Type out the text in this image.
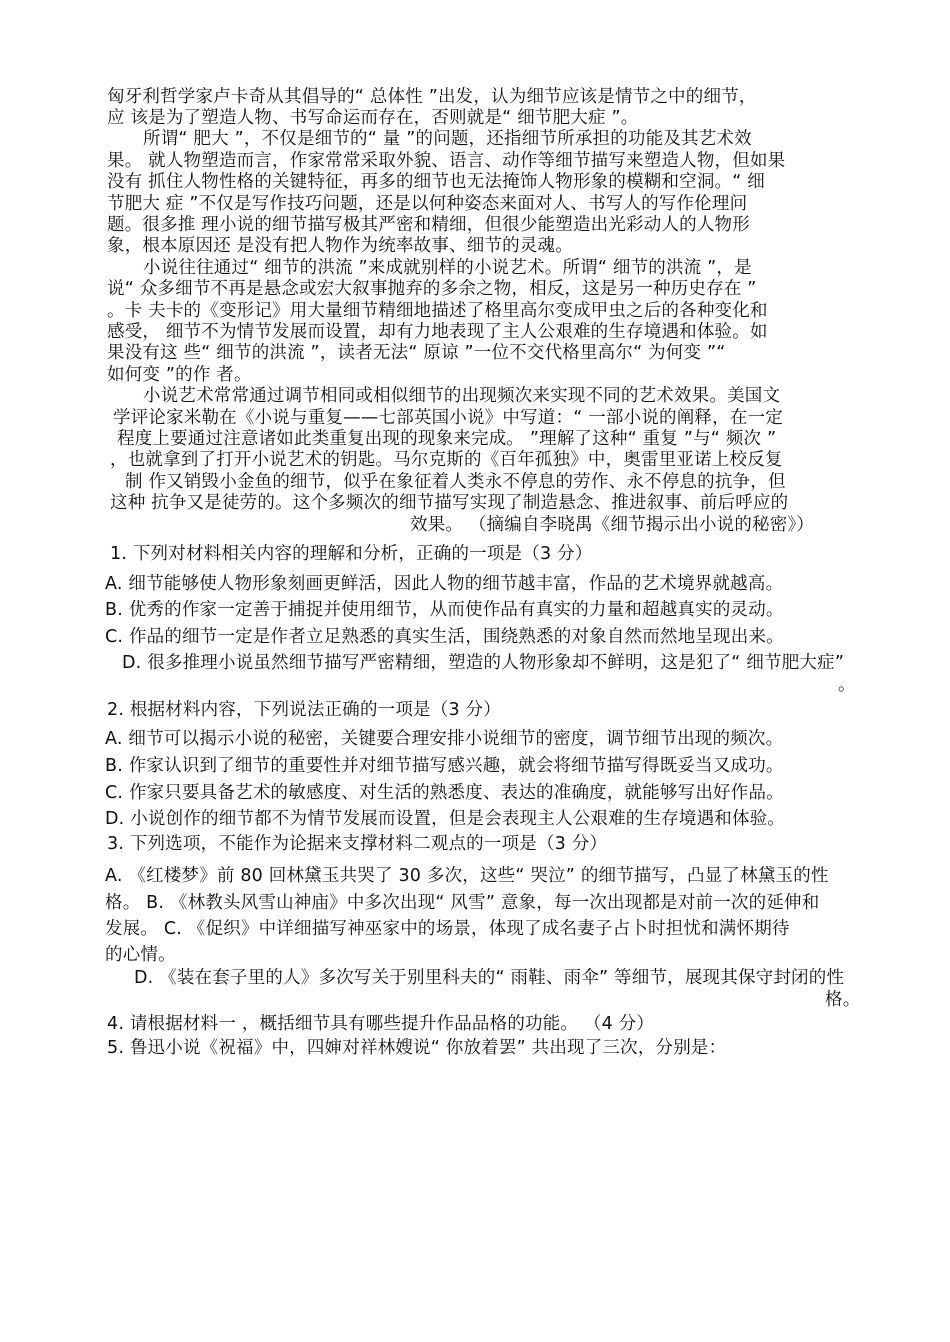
匈牙利哲学家卢卡奇从其倡导的“ 总体性 ”出发，认为细节应该是情节之中的细节，
应 该是为了塑造人物、书写命运而存在，否则就是“ 细节肥大症 ”。
所谓“ 肥大 ”，不仅是细节的“ 量 ”的问题，还指细节所承担的功能及其艺术效
果。 就人物塑造而言，作家常常采取外貌、语言、动作等细节描写来塑造人物，但如果
没有 抓住人物性格的关键特征，再多的细节也无法掩饰人物形象的模糊和空洞。“ 细
节肥大 症 ”不仅是写作技巧问题，还是以何种姿态来面对人、书写人的写作伦理问
题。很多推 理小说的细节描写极其严密和精细，但很少能塑造出光彩动人的人物形
象，根本原因还 是没有把人物作为统率故事、细节的灵魂。
小说往往通过“ 细节的洪流 ”来成就别样的小说艺术。所谓“ 细节的洪流 ”，是
说“ 众多细节不再是悬念或宏大叙事抛弃的多余之物，相反，这是另一种历史存在 ”
。卡 夫卡的《变形记》用大量细节精细地描述了格里高尔变成甲虫之后的各种变化和
感受， 细节不为情节发展而设置，却有力地表现了主人公艰难的生存境遇和体验。如
果没有这 些“ 细节的洪流 ”，读者无法“ 原谅 ”一位不交代格里高尔“ 为何变 ”“
如何变 ”的作 者。
小说艺术常常通过调节相同或相似细节的出现频次来实现不同的艺术效果。美国文
学评论家米勒在《小说与重复——七部英国小说》中写道：“ 一部小说的阐释，在一定
程度上要通过注意诸如此类重复出现的现象来完成。 ”理解了这种“ 重复 ”与“ 频次 ”
，也就拿到了打开小说艺术的钥匙。马尔克斯的《百年孤独》中，奥雷里亚诺上校反复
制 作又销毁小金鱼的细节，似乎在象征着人类永不停息的劳作、永不停息的抗争，但
这种 抗争又是徒劳的。这个多频次的细节描写实现了制造悬念、推进叙事、前后呼应的
效果。 （摘编自李晓禺《细节揭示出小说的秘密》）
1. 下列对材料相关内容的理解和分析，正确的一项是（3 分）
A. 细节能够使人物形象刻画更鲜活，因此人物的细节越丰富，作品的艺术境界就越高。
B. 优秀的作家一定善于捕捉并使用细节，从而使作品有真实的力量和超越真实的灵动。
C. 作品的细节一定是作者立足熟悉的真实生活，围绕熟悉的对象自然而然地呈现出来。
D. 很多推理小说虽然细节描写严密精细，塑造的人物形象却不鲜明，这是犯了“ 细节肥大症”
。
2. 根据材料内容，下列说法正确的一项是（3 分）
A. 细节可以揭示小说的秘密，关键要合理安排小说细节的密度，调节细节出现的频次。
B. 作家认识到了细节的重要性并对细节描写感兴趣，就会将细节描写得既妥当又成功。
C. 作家只要具备艺术的敏感度、对生活的熟悉度、表达的准确度，就能够写出好作品。
D. 小说创作的细节都不为情节发展而设置，但是会表现主人公艰难的生存境遇和体验。
3. 下列选项，不能作为论据来支撑材料二观点的一项是（3 分）
A. 《红楼梦》前 80 回林黛玉共哭了 30 多次，这些“ 哭泣” 的细节描写，凸显了林黛玉的性
格。 B. 《林教头风雪山神庙》中多次出现“ 风雪” 意象，每一次出现都是对前一次的延伸和
发展。 C. 《促织》中详细描写神巫家中的场景，体现了成名妻子占卜时担忧和满怀期待
的心情。
D. 《装在套子里的人》多次写关于别里科夫的“ 雨鞋、雨伞” 等细节，展现其保守封闭的性
格。
4. 请根据材料一 ，概括细节具有哪些提升作品品格的功能。 （4 分）
5. 鲁迅小说《祝福》中，四婶对祥林嫂说“ 你放着罢” 共出现了三次，分别是：
